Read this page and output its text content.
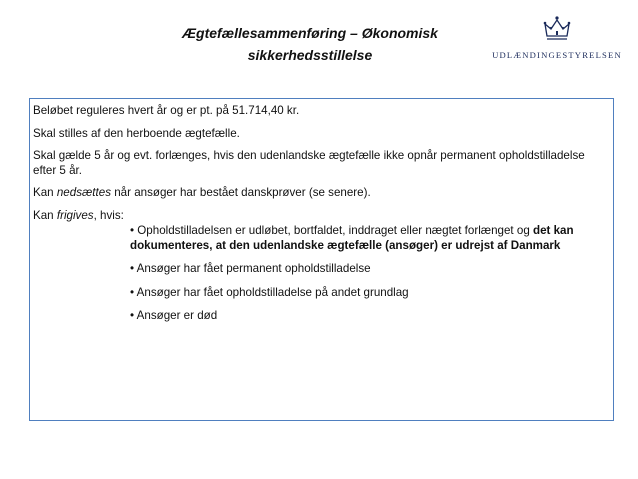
Ægtefællesammenføring – Økonomisk
sikkerhedsstillelse	UDLÆNDINGESTYRELSEN

Beløbet reguleres hvert år og er pt. på 51.714,40 kr.

Skal stilles af den herboende ægtefælle.

Skal gælde 5 år og evt. forlænges, hvis den udenlandske ægtefælle ikke opnår permanent opholdstilladelse efter 5 år.

Kan nedsættes når ansøger har bestået danskprøver (se senere).

Kan frigives, hvis:

• Opholdstilladelsen er udløbet, bortfaldet, inddraget eller nægtet forlænget og det kan dokumenteres, at den udenlandske ægtefælle (ansøger) er udrejst af Danmark
• Ansøger har fået permanent opholdstilladelse
• Ansøger har fået opholdstilladelse på andet grundlag
• Ansøger er død
